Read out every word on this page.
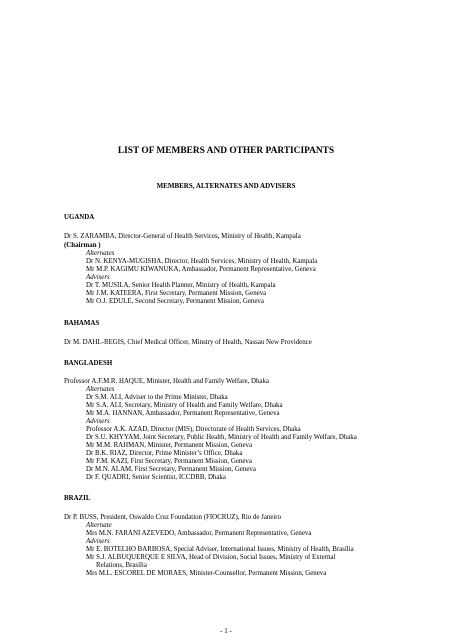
LIST OF MEMBERS AND OTHER PARTICIPANTS
MEMBERS, ALTERNATES AND ADVISERS
UGANDA
Dr S. ZARAMBA, Director-General of Health Services, Ministry of Health, Kampala
(Chairman )
Alternates
Dr N. KENYA-MUGISHA, Director, Health Services, Ministry of Health, Kampala
Mr M.P. KAGIMU KIWANUKA, Ambassador, Permanent Representative, Geneva
Advisers
Dr T. MUSILA, Senior Health Planner, Ministry of Health, Kampala
Mr J.M. KATEERA, First Secretary, Permanent Mission, Geneva
Mr O.J. EDULE, Second Secretary, Permanent Mission, Geneva
BAHAMAS
Dr M. DAHL-REGIS, Chief Medical Officer, Minstry of Health, Nassau New Providence
BANGLADESH
Professor A.F.M.R. HAQUE, Minister, Health and Family Welfare, Dhaka
Alternates
Dr S.M. ALI, Adviser to the Prime Minister, Dhaka
Mr S.A. ALI, Secretary, Ministry of Health and Family Welfare, Dhaka
Mr M.A. HANNAN, Ambassador, Permanent Representative, Geneva
Advisers
Professor A.K. AZAD, Director (MIS), Directorate of Health Services, Dhaka
Dr S.U. KHYYAM, Joint Secretary, Public Health, Ministry of Health and Family Welfare, Dhaka
Mr M.M. RAHMAN, Minister, Permanent Mission, Geneva
Dr B.K. RIAZ, Director, Prime Minister’s Office, Dhaka
Mr F.M. KAZI, First Secretary, Permanent Mission, Geneva
Dr M.N. ALAM, First Secretary, Permanent Mission, Geneva
Dr F. QUADRI, Senior Scientist, ICCDRB, Dhaka
BRAZIL
Dr P. BUSS, President, Oswaldo Cruz Foundation (FIOCRUZ), Rio de Janeiro
Alternate
Mrs M.N. FARANI AZEVEDO, Ambassador, Permanent Representative, Geneva
Advisers
Mr E. BOTELHO BARBOSA, Special Adviser, International Issues, Ministry of Health, Brasília
Mr S.J. ALBUQUERQUE E SILVA, Head of Division, Social Issues, Ministry of External
Relations, Brasília
Mrs M.L. ESCOREL DE MORAES, Minister-Counsellor, Permanent Mission, Geneva
- 1 -
